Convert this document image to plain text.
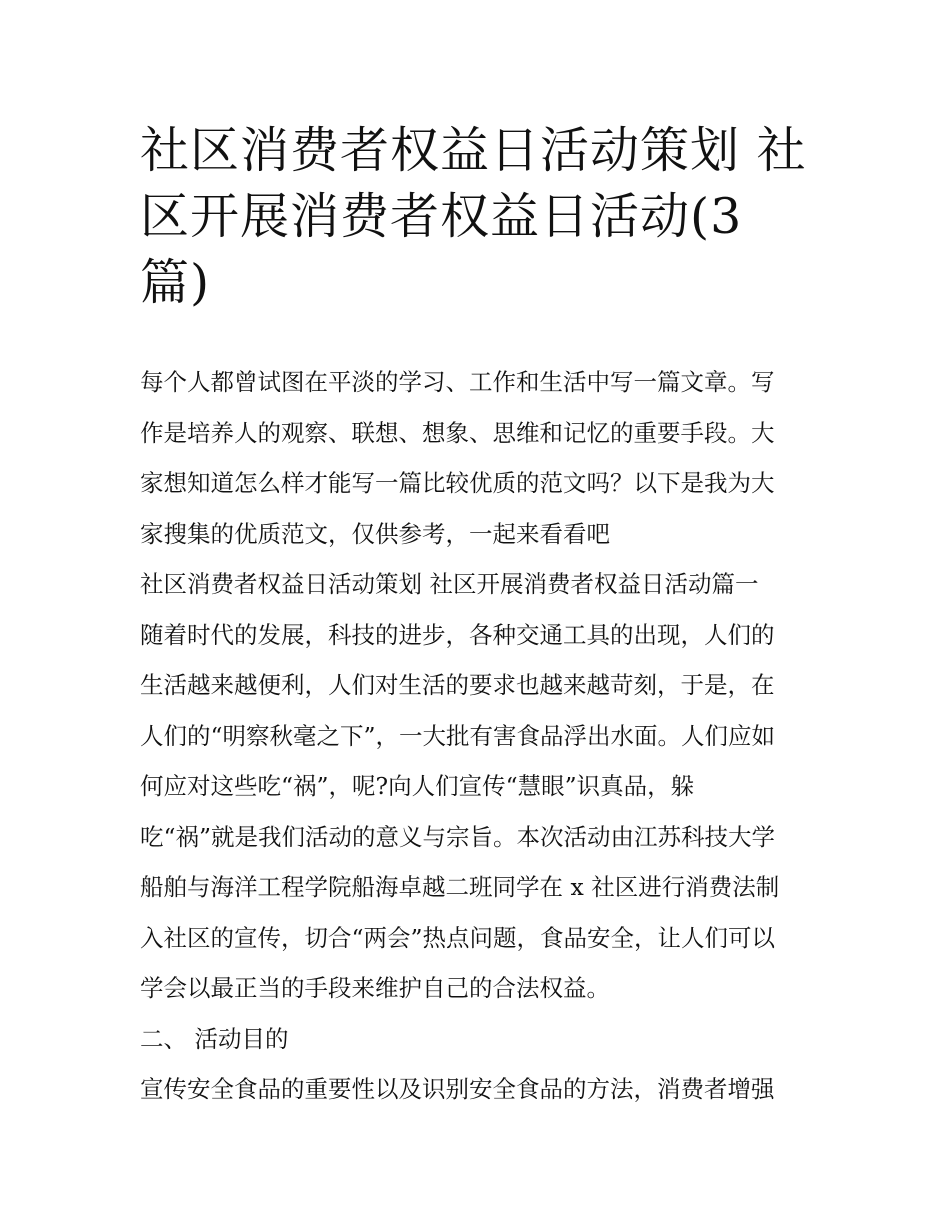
社区消费者权益日活动策划 社
区开展消费者权益日活动(3
篇)
每个人都曾试图在平淡的学习、工作和生活中写一篇文章。写
作是培养人的观察、联想、想象、思维和记忆的重要手段。大
家想知道怎么样才能写一篇比较优质的范文吗？以下是我为大
家搜集的优质范文，仅供参考，一起来看看吧
社区消费者权益日活动策划 社区开展消费者权益日活动篇一
随着时代的发展，科技的进步，各种交通工具的出现，人们的
生活越来越便利，人们对生活的要求也越来越苛刻，于是，在
人们的“明察秋毫之下”，一大批有害食品浮出水面。人们应如
何应对这些吃“祸”，呢?向人们宣传“慧眼”识真品，躲
吃“祸”就是我们活动的意义与宗旨。本次活动由江苏科技大学
船舶与海洋工程学院船海卓越二班同学在 x 社区进行消费法制
入社区的宣传，切合“两会”热点问题，食品安全，让人们可以
学会以最正当的手段来维护自己的合法权益。
二、 活动目的
宣传安全食品的重要性以及识别安全食品的方法，消费者增强
